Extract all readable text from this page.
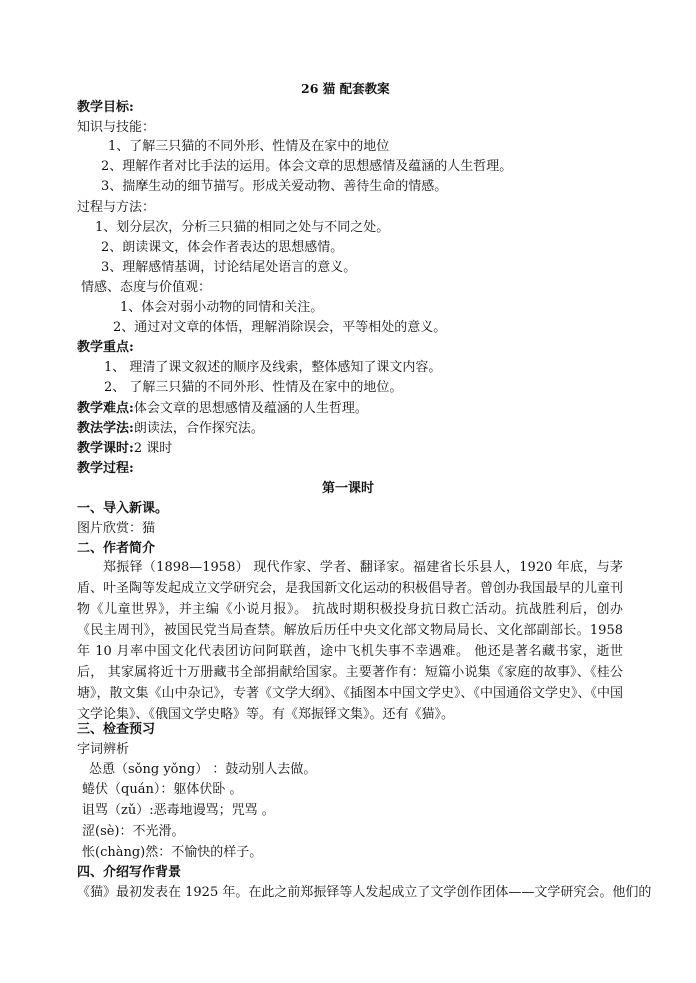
26 猫 配套教案
教学目标:
知识与技能：
1、了解三只猫的不同外形、性情及在家中的地位
2、理解作者对比手法的运用。体会文章的思想感情及蕴涵的人生哲理。
3、揣摩生动的细节描写。形成关爱动物、善待生命的情感。
过程与方法：
1、划分层次，分析三只猫的相同之处与不同之处。
2、朗读课文，体会作者表达的思想感情。
3、理解感情基调，讨论结尾处语言的意义。
情感、态度与价值观：
1、体会对弱小动物的同情和关注。
2、通过对文章的体悟，理解消除误会，平等相处的意义。
教学重点:
1、 理清了课文叙述的顺序及线索，整体感知了课文内容。
2、 了解三只猫的不同外形、性情及在家中的地位。
教学难点:体会文章的思想感情及蕴涵的人生哲理。
教法学法:朗读法，合作探究法。
教学课时:2 课时
教学过程:
第一课时
一、导入新课。
图片欣赏：猫
二、作者简介
郑振铎（1898—1958） 现代作家、学者、翻译家。福建省长乐县人，1920 年底，与茅盾、叶圣陶等发起成立文学研究会，是我国新文化运动的积极倡导者。曾创办我国最早的儿童刊物《儿童世界》，并主编《小说月报》。 抗战时期积极投身抗日救亡活动。抗战胜利后，创办《民主周刊》，被国民党当局查禁。解放后历任中央文化部文物局局长、文化部副部长。1958 年 10 月率中国文化代表团访问阿联酋，途中飞机失事不幸遇难。 他还是著名藏书家，逝世后， 其家属将近十万册藏书全部捐献给国家。主要著作有：短篇小说集《家庭的故事》、《桂公塘》，散文集《山中杂记》，专著《文学大纲》、《插图本中国文学史》、《中国通俗文学史》、《中国文学论集》、《俄国文学史略》等。有《郑振铎文集》。还有《猫》。
三、检查预习
字词辨析
怂恿（sǒng yǒng） ：鼓动别人去做。
蜷伏（quán）：躯体伏卧 。
诅骂（zǔ）:恶毒地谩骂；咒骂 。
涩(sè)：不光滑。
怅(chàng)然：不愉快的样子。
四、介绍写作背景
《猫》最初发表在 1925 年。在此之前郑振铎等人发起成立了文学创作团体——文学研究会。他们的
